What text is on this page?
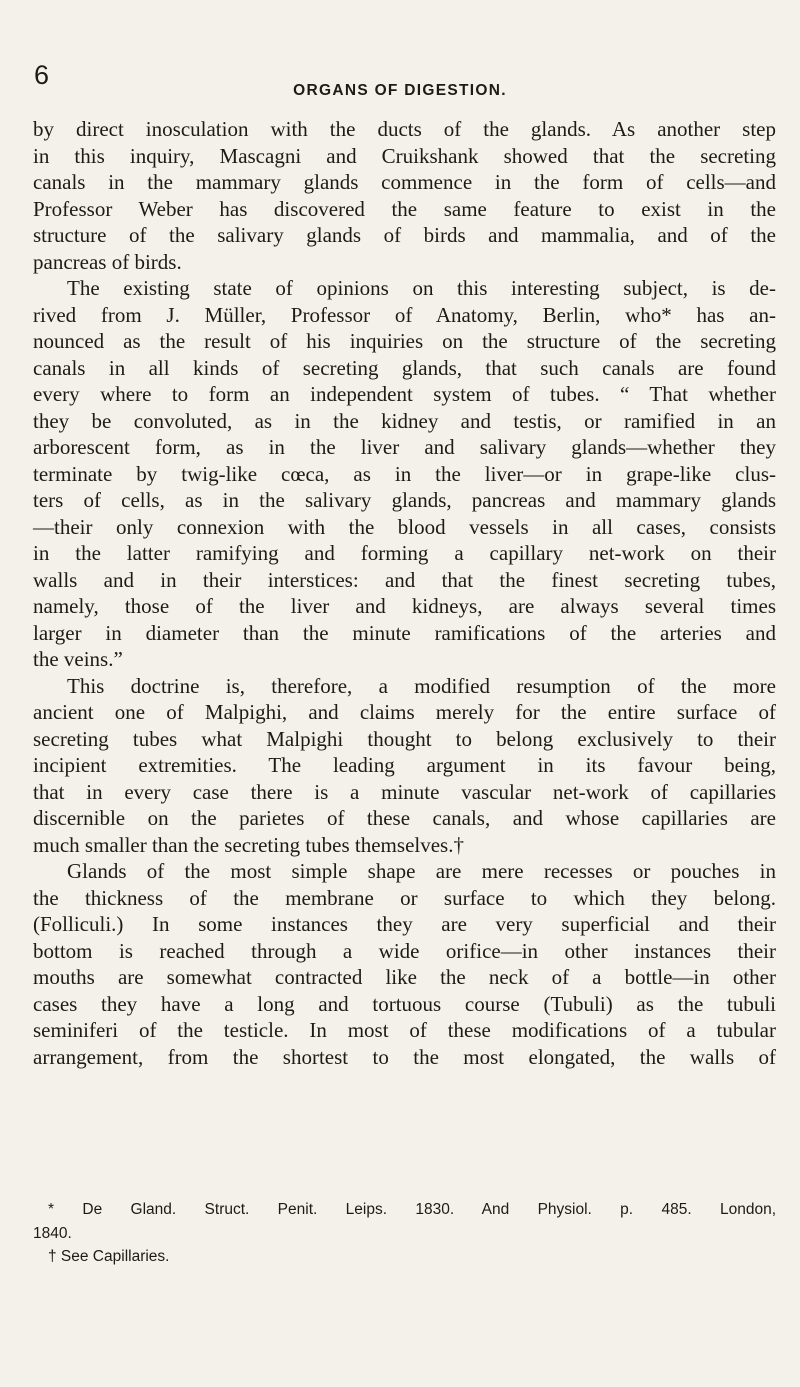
6
ORGANS OF DIGESTION.
by direct inosculation with the ducts of the glands. As another step
in this inquiry, Mascagni and Cruikshank showed that the secreting
canals in the mammary glands commence in the form of cells—and
Professor Weber has discovered the same feature to exist in the
structure of the salivary glands of birds and mammalia, and of the
pancreas of birds.
The existing state of opinions on this interesting subject, is de-
rived from J. Müller, Professor of Anatomy, Berlin, who* has an-
nounced as the result of his inquiries on the structure of the secreting
canals in all kinds of secreting glands, that such canals are found
every where to form an independent system of tubes. “ That whether
they be convoluted, as in the kidney and testis, or ramified in an
arborescent form, as in the liver and salivary glands—whether they
terminate by twig-like cœca, as in the liver—or in grape-like clus-
ters of cells, as in the salivary glands, pancreas and mammary glands
—their only connexion with the blood vessels in all cases, consists
in the latter ramifying and forming a capillary net-work on their
walls and in their interstices: and that the finest secreting tubes,
namely, those of the liver and kidneys, are always several times
larger in diameter than the minute ramifications of the arteries and
the veins.”
This doctrine is, therefore, a modified resumption of the more
ancient one of Malpighi, and claims merely for the entire surface of
secreting tubes what Malpighi thought to belong exclusively to their
incipient extremities. The leading argument in its favour being,
that in every case there is a minute vascular net-work of capillaries
discernible on the parietes of these canals, and whose capillaries are
much smaller than the secreting tubes themselves.†
Glands of the most simple shape are mere recesses or pouches in
the thickness of the membrane or surface to which they belong.
(Folliculi.) In some instances they are very superficial and their
bottom is reached through a wide orifice—in other instances their
mouths are somewhat contracted like the neck of a bottle—in other
cases they have a long and tortuous course (Tubuli) as the tubuli
seminiferi of the testicle. In most of these modifications of a tubular
arrangement, from the shortest to the most elongated, the walls of
* De Gland. Struct. Penit. Leips. 1830. And Physiol. p. 485. London,
1840.
† See Capillaries.
